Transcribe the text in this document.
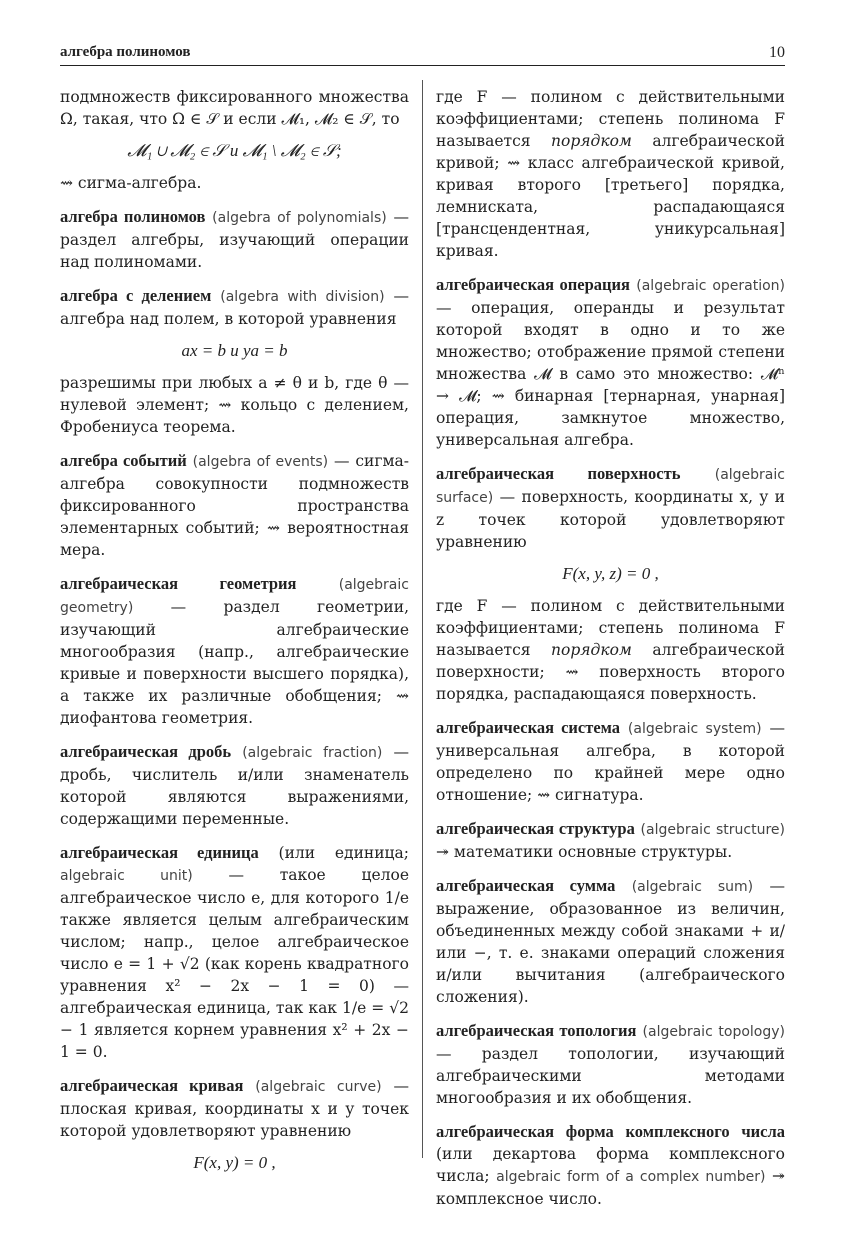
алгебра полиномов	10

подмножеств фиксированного множества Ω, такая, что Ω ∈ 𝒮 и если 𝓜₁, 𝓜₂ ∈ 𝒮, то

𝓜₁ ∪ 𝓜₂ ∈ 𝒮 и 𝓜₁ \ 𝓜₂ ∈ 𝒮;

⇝ сигма-алгебра.

алгебра полиномов (algebra of polynomials) — раздел алгебры, изучающий операции над полиномами.

алгебра с делением (algebra with division) — алгебра над полем, в которой уравнения

ax = b и ya = b

разрешимы при любых a ≠ θ и b, где θ — нулевой элемент; ⇝ кольцо с делением, Фробениуса теорема.

алгебра событий (algebra of events) — сигма-алгебра совокупности подмножеств фиксированного пространства элементарных событий; ⇝ вероятностная мера.

алгебраическая геометрия	(algebraic geometry) — раздел геометрии, изучающий алгебраические многообразия (напр., алгебраические кривые и поверхности высшего порядка), а также их различные обобщения; ⇝ диофантова геометрия.

алгебраическая дробь (algebraic fraction) — дробь, числитель и/или знаменатель которой являются выражениями, содержащими переменные.

алгебраическая единица (или единица; algebraic unit) — такое целое алгебраическое число e, для которого 1/e также является целым алгебраическим числом; напр., целое алгебраическое число e = 1 + √2 (как корень квадратного уравнения x² − 2x − 1 = 0) — алгебраическая единица, так как 1/e = √2 − 1 является корнем уравнения x² + 2x − 1 = 0.

алгебраическая кривая (algebraic curve) — плоская кривая, координаты x и y точек которой удовлетворяют уравнению

F(x, y) = 0 ,

где F — полином с действительными коэффициентами; степень полинома F называется порядком алгебраической кривой; ⇝ класс алгебраической кривой, кривая второго [третьего] порядка, лемниската, распадающаяся [трансцендентная, уникурсальная] кривая.

алгебраическая операция (algebraic operation) — операция, операнды и результат которой входят в одно и то же множество; отображение прямой степени множества 𝓜 в само это множество: 𝓜ⁿ → 𝓜; ⇝ бинарная [тернарная, унарная] операция, замкнутое множество, универсальная алгебра.

алгебраическая поверхность (algebraic surface) — поверхность, координаты x, y и z точек которой удовлетворяют уравнению

F(x, y, z) = 0 ,

где F — полином с действительными коэффициентами; степень полинома F называется порядком алгебраической поверхности; ⇝ поверхность второго порядка, распадающаяся поверхность.

алгебраическая система (algebraic system) — универсальная алгебра, в которой определено по крайней мере одно отношение; ⇝ сигнатура.

алгебраическая структура (algebraic structure) ↠ математики основные структуры.

алгебраическая сумма (algebraic sum) — выражение, образованное из величин, объединенных между собой знаками + и/или −, т. е. знаками операций сложения и/или вычитания (алгебраического сложения).

алгебраическая топология (algebraic topology) — раздел топологии, изучающий алгебраическими методами многообразия и их обобщения.

алгебраическая форма комплексного числа (или декартова форма комплексного числа; algebraic form of a complex number) ↠ комплексное число.
